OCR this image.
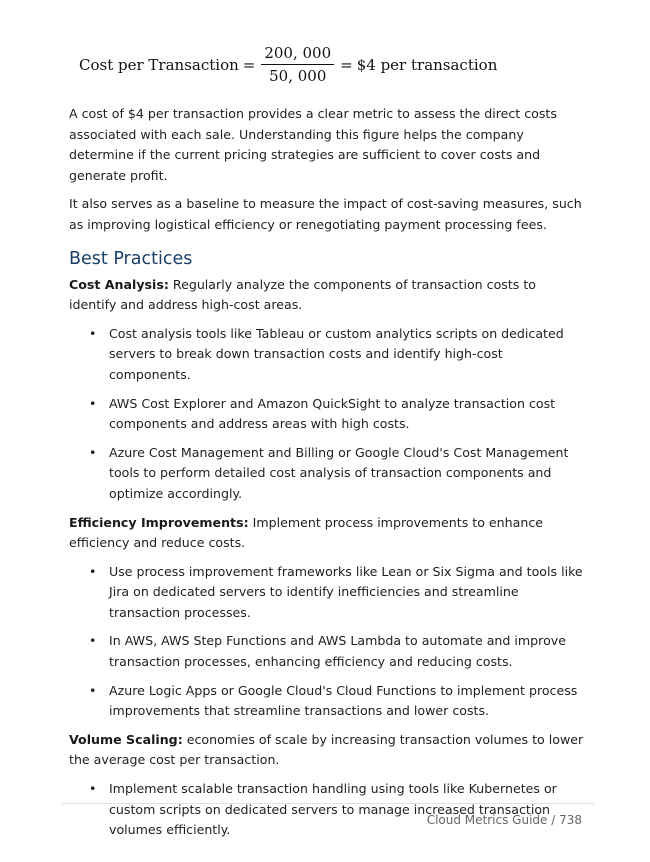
Cost per Transaction = $\frac{200, 000}{50, 000}$ = $4 per transaction

A cost of $4 per transaction provides a clear metric to assess the direct costs associated with each sale. Understanding this figure helps the company determine if the current pricing strategies are sufficient to cover costs and generate profit.

It also serves as a baseline to measure the impact of cost-saving measures, such as improving logistical efficiency or renegotiating payment processing fees.

Best Practices

Cost Analysis: Regularly analyze the components of transaction costs to identify and address high-cost areas.

• Cost analysis tools like Tableau or custom analytics scripts on dedicated servers to break down transaction costs and identify high-cost components.
• AWS Cost Explorer and Amazon QuickSight to analyze transaction cost components and address areas with high costs.
• Azure Cost Management and Billing or Google Cloud's Cost Management tools to perform detailed cost analysis of transaction components and optimize accordingly.

Efficiency Improvements: Implement process improvements to enhance efficiency and reduce costs.

• Use process improvement frameworks like Lean or Six Sigma and tools like Jira on dedicated servers to identify inefficiencies and streamline transaction processes.
• In AWS, AWS Step Functions and AWS Lambda to automate and improve transaction processes, enhancing efficiency and reducing costs.
• Azure Logic Apps or Google Cloud's Cloud Functions to implement process improvements that streamline transactions and lower costs.

Volume Scaling: economies of scale by increasing transaction volumes to lower the average cost per transaction.

• Implement scalable transaction handling using tools like Kubernetes or custom scripts on dedicated servers to manage increased transaction volumes efficiently.
Cloud Metrics Guide / 738
